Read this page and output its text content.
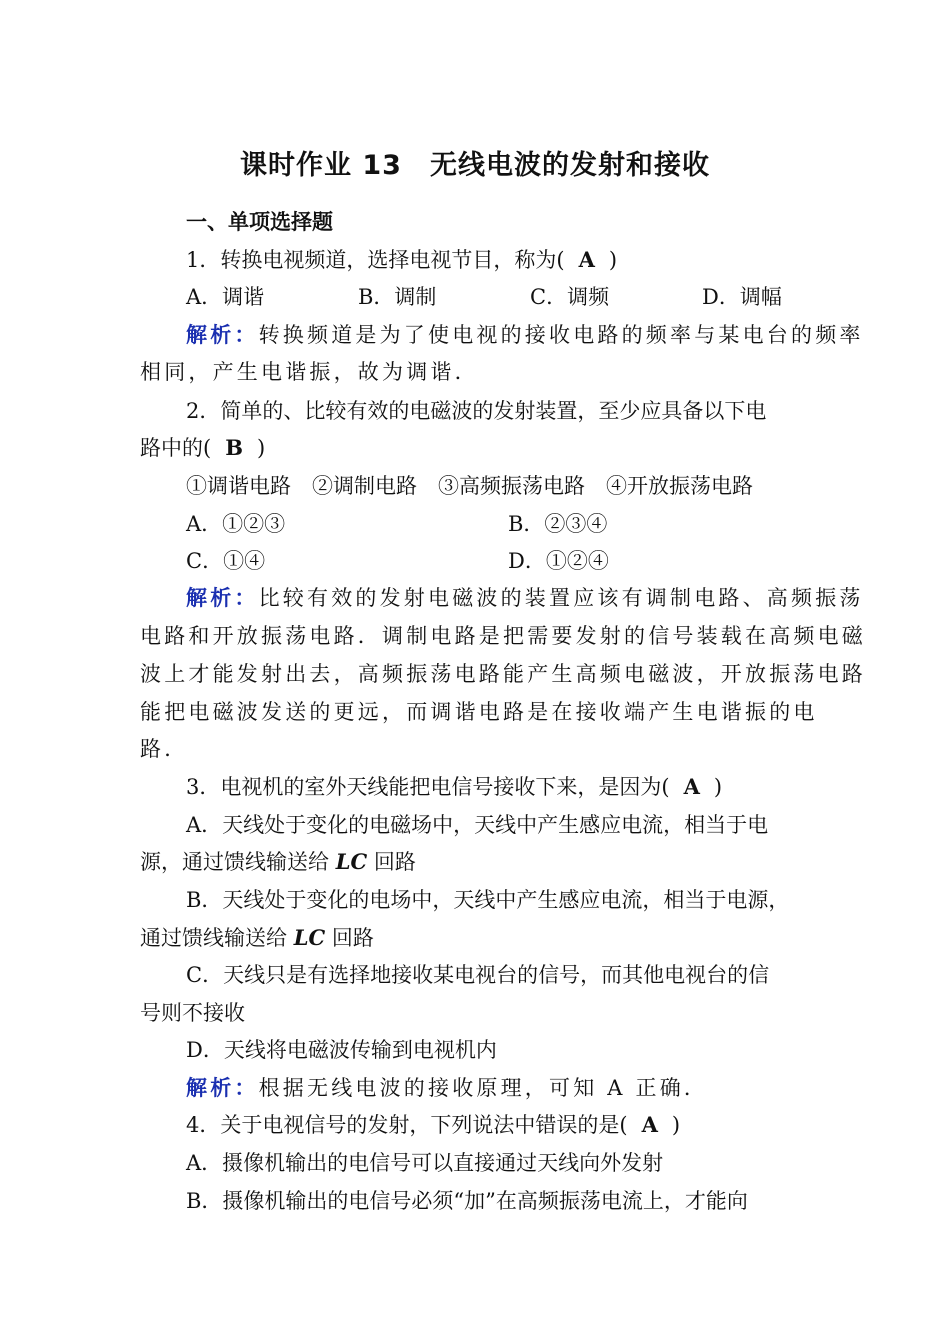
课时作业 13　无线电波的发射和接收
一、单项选择题
1．转换电视频道，选择电视节目，称为( A )
A．调谐	B．调制	C．调频	D．调幅
解析：转换频道是为了使电视的接收电路的频率与某电台的频率
相同，产生电谐振，故为调谐．
2．简单的、比较有效的电磁波的发射装置，至少应具备以下电
路中的( B )
①调谐电路　②调制电路　③高频振荡电路　④开放振荡电路
A．①②③	B．②③④
C．①④	D．①②④
解析：比较有效的发射电磁波的装置应该有调制电路、高频振荡
电路和开放振荡电路．调制电路是把需要发射的信号装载在高频电磁
波上才能发射出去，高频振荡电路能产生高频电磁波，开放振荡电路
能把电磁波发送的更远，而调谐电路是在接收端产生电谐振的电
路．
3．电视机的室外天线能把电信号接收下来，是因为( A )
A．天线处于变化的电磁场中，天线中产生感应电流，相当于电
源，通过馈线输送给 LC 回路
B．天线处于变化的电场中，天线中产生感应电流，相当于电源，
通过馈线输送给 LC 回路
C．天线只是有选择地接收某电视台的信号，而其他电视台的信
号则不接收
D．天线将电磁波传输到电视机内
解析：根据无线电波的接收原理，可知 A 正确．
4．关于电视信号的发射，下列说法中错误的是( A )
A．摄像机输出的电信号可以直接通过天线向外发射
B．摄像机输出的电信号必须“加”在高频振荡电流上，才能向
